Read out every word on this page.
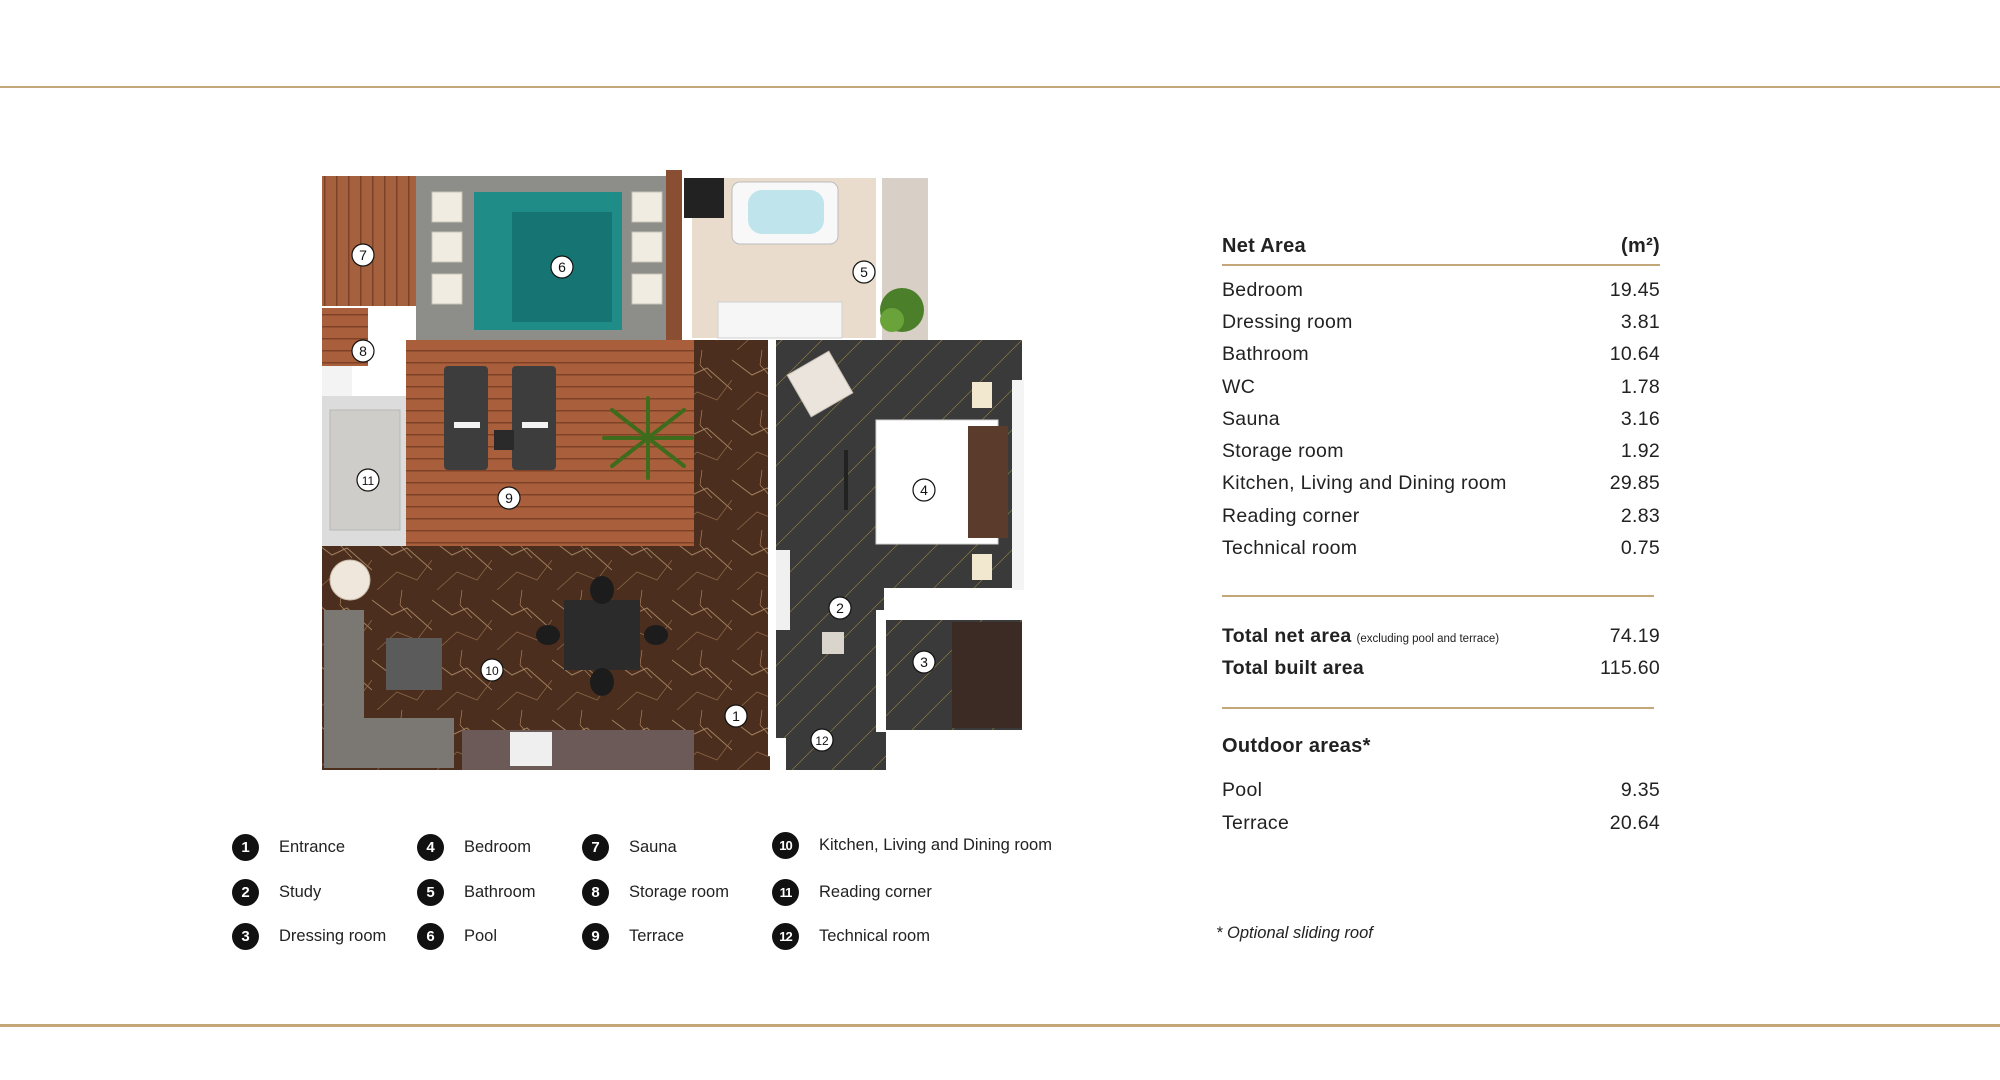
1
2
3
4
5
6
7
8
9
10
11
12
1	Entrance
2	Study
3	Dressing room
4	Bedroom
5	Bathroom
6	Pool
7	Sauna
8	Storage room
9	Terrace
10	Kitchen, Living and Dining room
11	Reading corner
12	Technical room
Net Area	(m²)
Bedroom	19.45
Dressing room	3.81
Bathroom	10.64
WC	1.78
Sauna	3.16
Storage room	1.92
Kitchen, Living and Dining room	29.85
Reading corner	2.83
Technical room	0.75
Total net area (excluding pool and terrace)	74.19
Total built area	115.60
Outdoor areas*
Pool	9.35
Terrace	20.64
* Optional sliding roof
